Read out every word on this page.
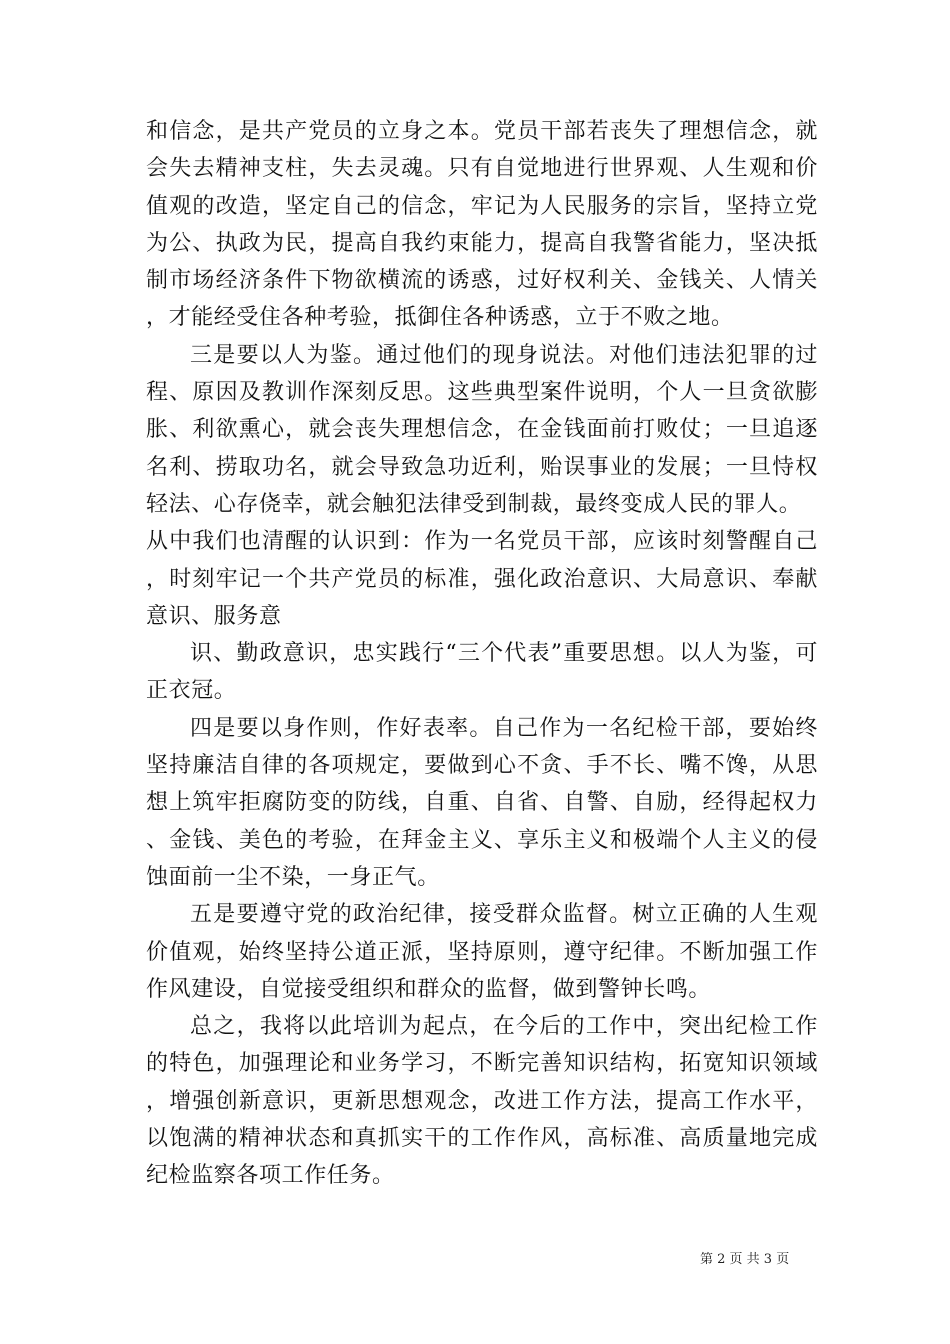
和信念，是共产党员的立身之本。党员干部若丧失了理想信念，就会失去精神支柱，失去灵魂。只有自觉地进行世界观、人生观和价值观的改造，坚定自己的信念，牢记为人民服务的宗旨，坚持立党为公、执政为民，提高自我约束能力，提高自我警省能力，坚决抵制市场经济条件下物欲横流的诱惑，过好权利关、金钱关、人情关，才能经受住各种考验，抵御住各种诱惑，立于不败之地。

三是要以人为鉴。通过他们的现身说法。对他们违法犯罪的过程、原因及教训作深刻反思。这些典型案件说明，个人一旦贪欲膨胀、利欲熏心，就会丧失理想信念，在金钱面前打败仗；一旦追逐名利、捞取功名，就会导致急功近利，贻误事业的发展；一旦恃权轻法、心存侥幸，就会触犯法律受到制裁，最终变成人民的罪人。

从中我们也清醒的认识到：作为一名党员干部，应该时刻警醒自己，时刻牢记一个共产党员的标准，强化政治意识、大局意识、奉献意识、服务意

识、勤政意识，忠实践行“三个代表”重要思想。以人为鉴，可正衣冠。

四是要以身作则，作好表率。自己作为一名纪检干部，要始终坚持廉洁自律的各项规定，要做到心不贪、手不长、嘴不馋，从思想上筑牢拒腐防变的防线，自重、自省、自警、自励，经得起权力、金钱、美色的考验，在拜金主义、享乐主义和极端个人主义的侵蚀面前一尘不染，一身正气。

五是要遵守党的政治纪律，接受群众监督。树立正确的人生观价值观，始终坚持公道正派，坚持原则，遵守纪律。不断加强工作作风建设，自觉接受组织和群众的监督，做到警钟长鸣。

总之，我将以此培训为起点，在今后的工作中，突出纪检工作的特色，加强理论和业务学习，不断完善知识结构，拓宽知识领域，增强创新意识，更新思想观念，改进工作方法，提高工作水平，以饱满的精神状态和真抓实干的工作作风，高标准、高质量地完成纪检监察各项工作任务。

第 2 页 共 3 页
